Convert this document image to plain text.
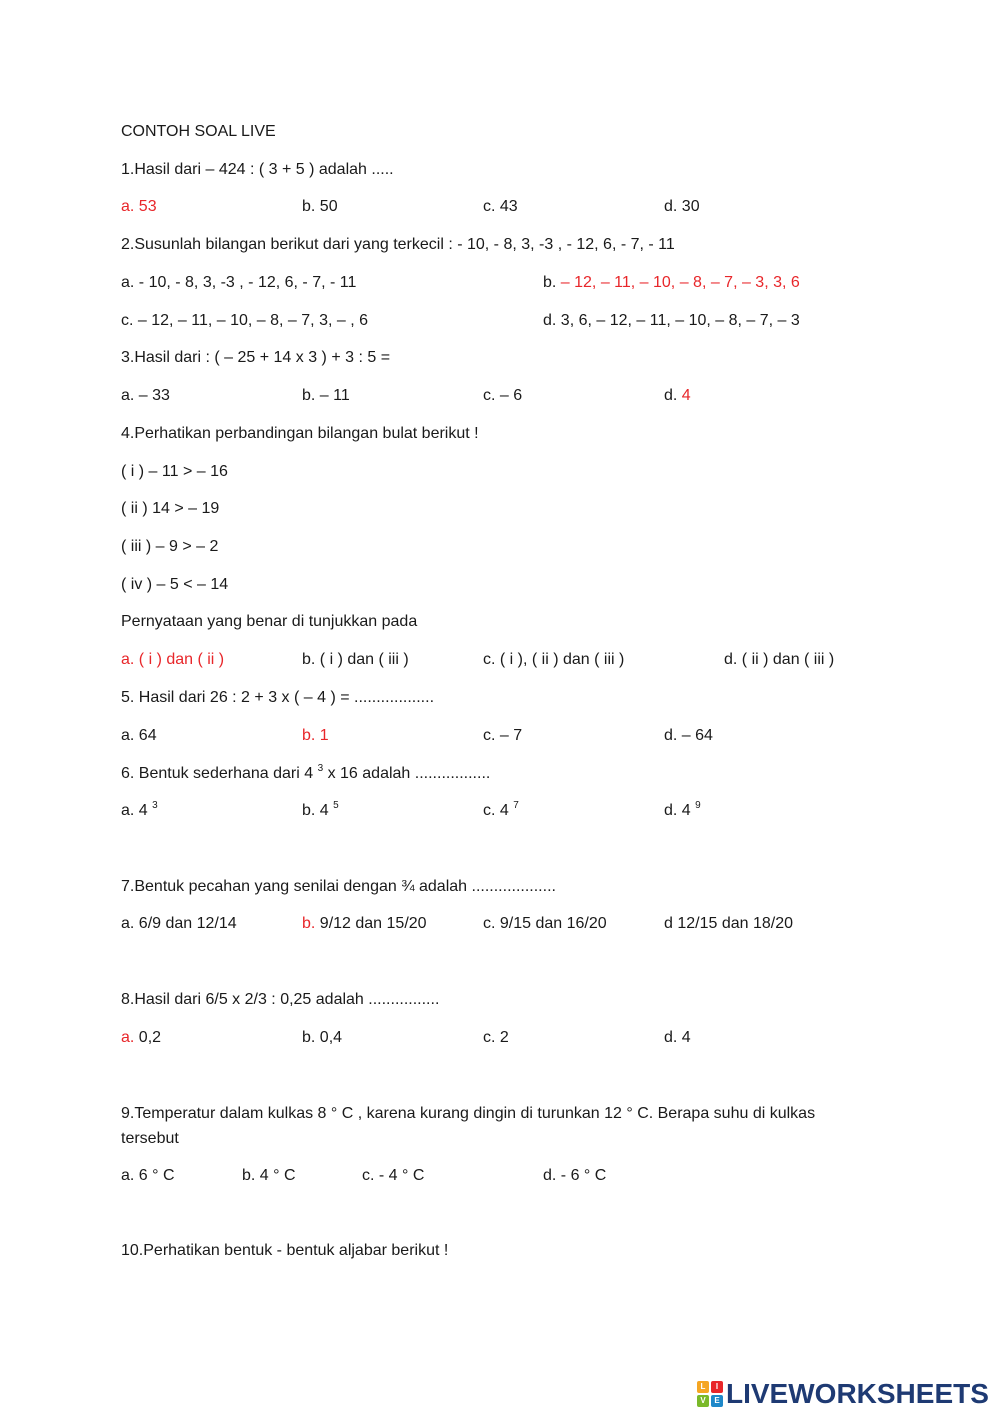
CONTOH SOAL LIVE
1.Hasil dari – 424 : ( 3 + 5 ) adalah .....
a. 53	b. 50	c. 43	d. 30
2.Susunlah bilangan berikut dari yang terkecil : - 10, - 8, 3, -3 , - 12, 6, - 7, - 11
a. - 10, - 8, 3, -3 , - 12, 6, - 7, - 11	b. – 12, – 11, – 10, – 8, – 7, – 3, 3, 6
c. – 12, – 11, – 10, – 8, – 7, 3, – , 6	d. 3, 6, – 12, – 11, – 10, – 8, – 7, – 3
3.Hasil dari : ( – 25 + 14 x 3 ) + 3 : 5 =
a. – 33	b. – 11	c. – 6	d. 4
4.Perhatikan perbandingan bilangan bulat berikut !
( i ) – 11 > – 16
( ii ) 14 > – 19
( iii ) – 9 > – 2
( iv ) – 5 < – 14
Pernyataan yang benar di tunjukkan pada
a. ( i ) dan ( ii )	b. ( i ) dan ( iii )	c. ( i ), ( ii ) dan ( iii )	d. ( ii ) dan ( iii )
5. Hasil dari 26 : 2 + 3 x ( – 4 ) = ..................
a. 64	b. 1	c. – 7	d. – 64
6. Bentuk sederhana dari 4 $^3$ x 16 adalah .................
a. 4 $^3$	b. 4 $^5$	c. 4 $^7$	d. 4 $^9$
7.Bentuk pecahan yang senilai dengan ¾ adalah ...................
a. 6/9 dan 12/14	b. 9/12 dan 15/20	c. 9/15 dan 16/20	d 12/15 dan 18/20
8.Hasil dari 6/5 x 2/3 : 0,25 adalah ................
a. 0,2	b. 0,4	c. 2	d. 4
9.Temperatur dalam kulkas 8 ° C , karena kurang dingin di turunkan 12 ° C. Berapa suhu di kulkas tersebut
a. 6 ° C	b. 4 ° C	c. - 4 ° C	d. - 6 ° C
10.Perhatikan bentuk - bentuk aljabar berikut !
L	I
V	E LIVEWORKSHEETS
